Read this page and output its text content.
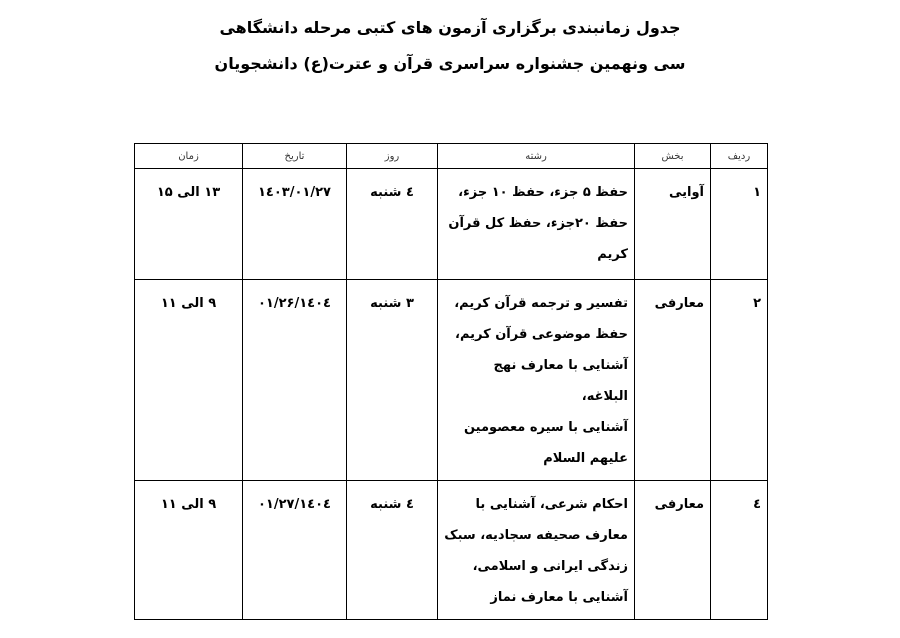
جدول زمانبندی برگزاری آزمون های کتبی مرحله دانشگاهی
سی ونهمین جشنواره سراسری قرآن و عترت(ع) دانشجویان
ردیف	بخش	رشته	روز	تاریخ	زمان
۱	آوایی	حفظ ۵ جزء، حفظ ۱۰ جزء،
حفظ ۲۰جزء، حفظ کل قرآن
کریم	٤ شنبه	۱٤۰۳/۰۱/۲۷	۱۳ الی ۱۵
۲	معارفی	تفسیر و ترجمه قرآن کریم،
حفظ موضوعی قرآن کریم،
آشنایی با معارف نهج البلاغه،
آشنایی با سیره معصومین
علیهم السلام	۳ شنبه	۱٤۰٤/۰۱/۲۶	۹ الی ۱۱
٤	معارفی	احکام شرعی، آشنایی با
معارف صحیفه سجادیه، سبک
زندگی ایرانی و اسلامی،
آشنایی با معارف نماز	٤ شنبه	۱٤۰٤/۰۱/۲۷	۹ الی ۱۱
